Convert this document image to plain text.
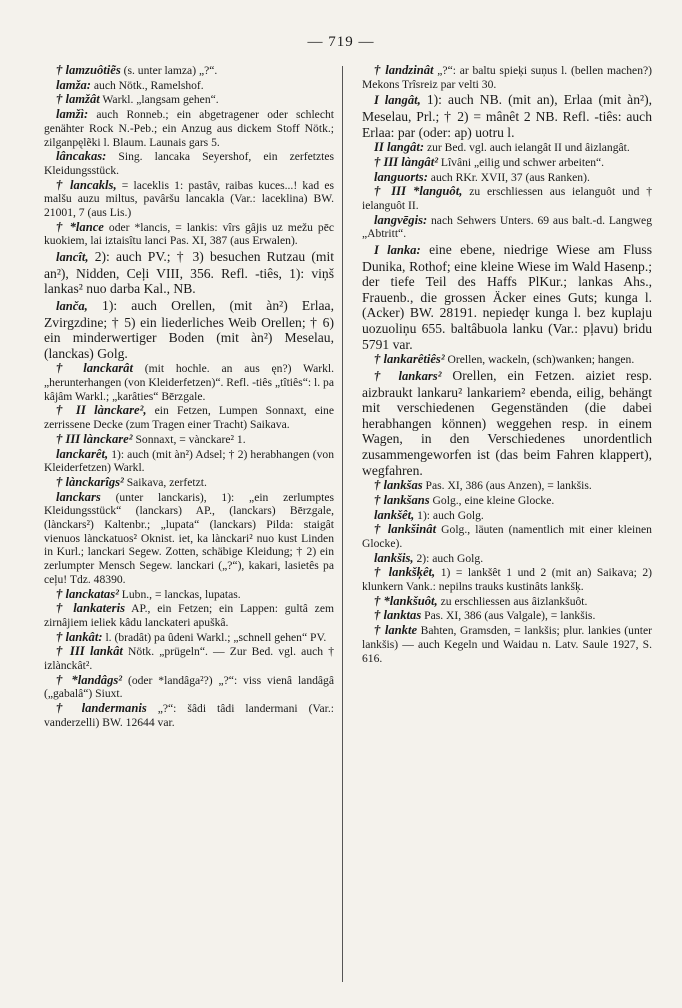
— 719 —
† lamzuôtiẽs (s. unter lamza) „?“.
lamža: auch Nötk., Ramelshof.
† lamžât Warkl. „langsam gehen“.
lamžì: auch Ronneb.; ein abgetragener oder schlecht genähter Rock N.-Peb.; ein Anzug aus dickem Stoff Nötk.; zilganpęlẽki l. Blaum. Launais gars 5.
lâncakas: Sing. lancaka Seyershof, ein zerfetztes Kleidungsstück.
† lancakls, = laceklis 1: pastâv, raibas kuces...! kad es malšu auzu miltus, pavâršu lancakla (Var.: laceklina) BW. 21001, 7 (aus Lis.)
† *lance oder *lancis, = lankis: vîrs gâjis uz mežu pēc kuokiem, lai iztaisîtu lanci Pas. XI, 387 (aus Erwalen).
lancît, 2): auch PV.; † 3) besuchen Rutzau (mit an²), Nidden, Ceļi VIII, 356. Refl. -tiês, 1): viņš lankas² nuo darba Kal., NB.
lanča, 1): auch Orellen, (mit àn²) Erlaa, Zvirgzdine; † 5) ein liederliches Weib Orellen; † 6) ein minderwertiger Boden (mit àn²) Meselau, (lanckas) Golg.
† lanckarât (mit hochle. an aus ęn?) Warkl. „herunterhangen (von Kleiderfetzen)“. Refl. -tiês „tîtiês“: l. pa kâjâm Warkl.; „karâties“ Bērzgale.
† II lànckare², ein Fetzen, Lumpen Sonnaxt, eine zerrissene Decke (zum Tragen einer Tracht) Saikava.
† III lànckare² Sonnaxt, = vànckare² 1.
lanckarêt, 1): auch (mit àn²) Adsel; † 2) herabhangen (von Kleiderfetzen) Warkl.
† lànckarîgs² Saikava, zerfetzt.
lanckars (unter lanckaris), 1): „ein zerlumptes Kleidungsstück“ (lanckars) AP., (lanckars) Bērzgale, (lànckars²) Kaltenbr.; „lupata“ (lanckars) Pilda: staigât vienuos lànckatuos² Oknist. iet, ka lànckari² nuo kust Linden in Kurl.; lanckari Segew. Zotten, schäbige Kleidung; † 2) ein zerlumpter Mensch Segew. lanckari („?“), kakari, lasietês pa ceļu! Tdz. 48390.
† lanckatas² Lubn., = lanckas, lupatas.
† lankateris AP., ein Fetzen; ein Lappen: gultâ zem zirnâjiem ieliek kâdu lanckateri apuškâ.
† lankât: l. (bradât) pa ûdeni Warkl.; „schnell gehen“ PV.
† III lankât Nötk. „prügeln“. — Zur Bed. vgl. auch † izlànckât².
† *landâgs² (oder *landâga²?) „?“: viss vienâ landâgâ („gabalâ“) Siuxt.
† landermanis „?“: šâdi tâdi landermani (Var.: vanderzelli) BW. 12644 var.
† landzinât „?“: ar baltu spieķi suņus l. (bellen machen?) Mekons Trîsreiz par velti 30.
I langât, 1): auch NB. (mit an), Erlaa (mit àn²), Meselau, Prl.; † 2) = mânêt 2 NB. Refl. -tiês: auch Erlaa: par (oder: ap) uotru l.
II langât: zur Bed. vgl. auch ielangât II und âizlangât.
† III làngât² Lîvâni „eilig und schwer arbeiten“.
languorts: auch RKr. XVII, 37 (aus Ranken).
† III *languôt, zu erschliessen aus ielanguôt und † ielanguôt II.
langvēgis: nach Sehwers Unters. 69 aus balt.-d. Langweg „Abtritt“.
I lanka: eine ebene, niedrige Wiese am Fluss Dunika, Rothof; eine kleine Wiese im Wald Hasenp.; der tiefe Teil des Haffs PlKur.; lankas Ahs., Frauenb., die grossen Äcker eines Guts; kunga l. (Acker) BW. 28191. nepiedęr kunga l. bez kuplaju uozuoliņu 655. baltâbuola lanku (Var.: pļavu) bridu 5791 var.
† lankarêtiês² Orellen, wackeln, (sch)wanken; hangen.
† lankars² Orellen, ein Fetzen. aiziet resp. aizbraukt lankaru² lankariem² ebenda, eilig, behängt mit verschiedenen Gegenständen (die dabei herabhangen können) weggehen resp. in einem Wagen, in den Verschiedenes unordentlich zusammengeworfen ist (das beim Fahren klappert), wegfahren.
† lankšas Pas. XI, 386 (aus Anzen), = lankšis.
† lankšans Golg., eine kleine Glocke.
lankšêt, 1): auch Golg.
† lankšinât Golg., läuten (namentlich mit einer kleinen Glocke).
lankšis, 2): auch Golg.
† lankšķêt, 1) = lankšêt 1 und 2 (mit an) Saikava; 2) klunkern Vank.: nepilns trauks kustinâts lankšķ.
† *lankšuôt, zu erschliessen aus âizlankšuôt.
† lanktas Pas. XI, 386 (aus Valgale), = lankšis.
† lankte Bahten, Gramsden, = lankšis; plur. lankies (unter lankšis) — auch Kegeln und Waidau n. Latv. Saule 1927, S. 616.
